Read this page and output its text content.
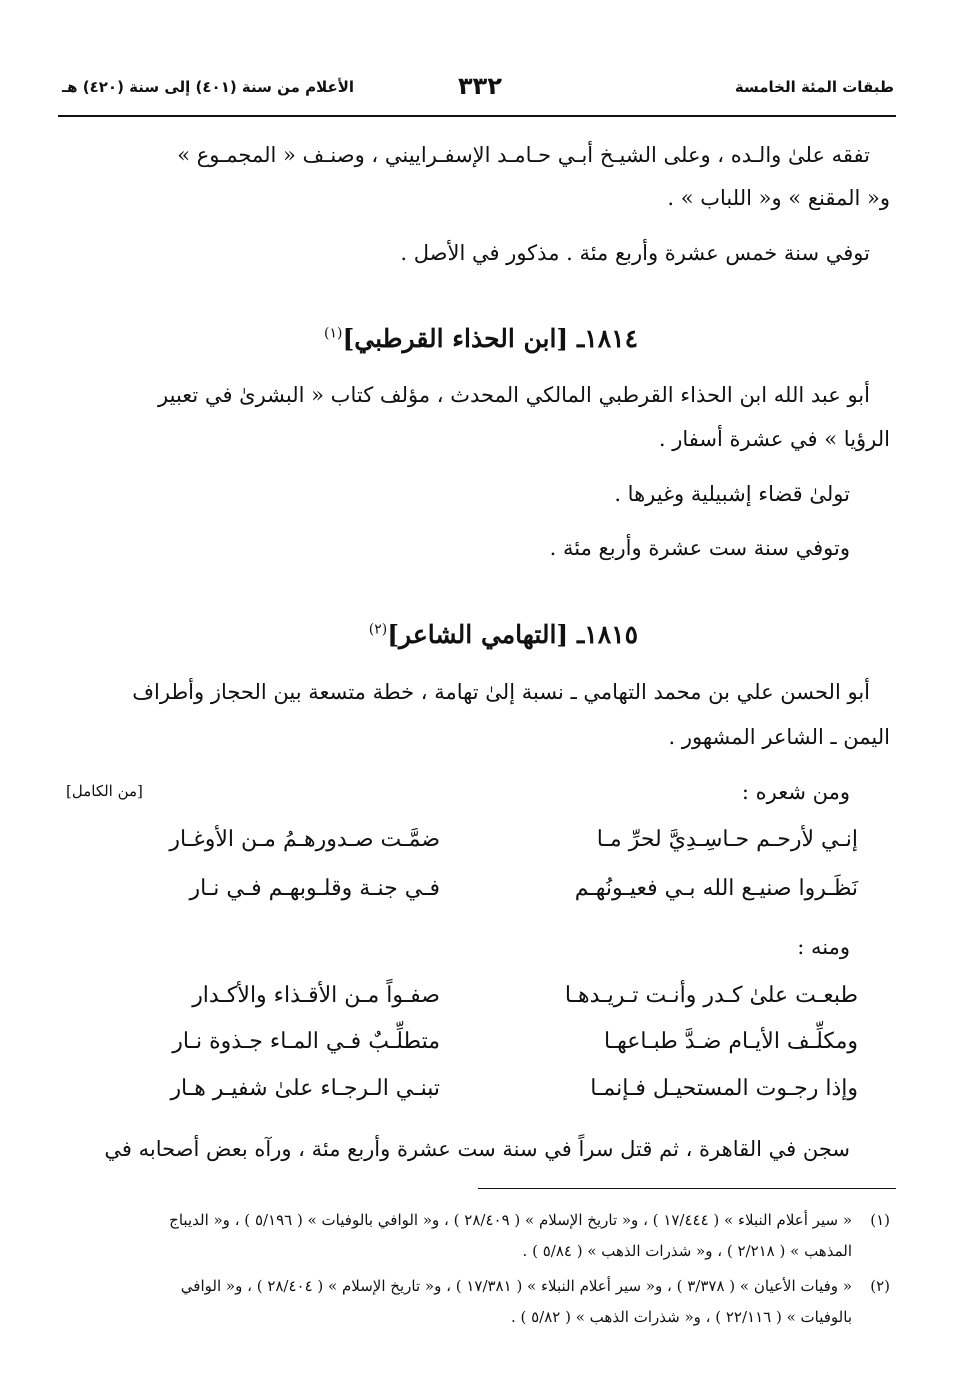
طبقات المئة الخامسة
٣٣٢
الأعلام من سنة (٤٠١) إلى سنة (٤٢٠) هـ
تفقه علىٰ والـده ، وعلى الشيـخ أبـي حـامـد الإسفـراييني ، وصنـف « المجمـوع »
و« المقنع » و« اللباب » .
توفي سنة خمس عشرة وأربع مئة . مذكور في الأصل .
١٨١٤ـ [ابن الحذاء القرطبي]$^{(١)}$
أبو عبد الله ابن الحذاء القرطبي المالكي المحدث ، مؤلف كتاب « البشرىٰ في تعبير
الرؤيا » في عشرة أسفار .
تولىٰ قضاء إشبيلية وغيرها .
وتوفي سنة ست عشرة وأربع مئة .
١٨١٥ـ [التهامي الشاعر]$^{(٢)}$
أبو الحسن علي بن محمد التهامي ـ نسبة إلىٰ تهامة ، خطة متسعة بين الحجاز وأطراف
اليمن ـ الشاعر المشهور .
ومن شعره :
[من الكامل]
إنـي لأرحـم حـاسِـدِيَّ لحرِّ مـا
ضمَّـت صـدورهـمُ مـن الأوغـار
نَظَـروا صنيـع الله بـي فعيـونُهـم
فـي جنـة وقلـوبهـم فـي نـار
ومنه :
طبعـت علىٰ كـدر وأنـت تـريـدهـا
صفـواً مـن الأقـذاء والأكـدار
ومكلِّـف الأيـام ضـدَّ طبـاعهـا
متطلِّـبٌ فـي المـاء جـذوة نـار
وإذا رجـوت المستحيـل فـإنمـا
تبنـي الـرجـاء علىٰ شفيـر هـار
سجن في القاهرة ، ثم قتل سراً في سنة ست عشرة وأربع مئة ، ورآه بعض أصحابه في
(١)
« سير أعلام النبلاء » ( ١٧/٤٤٤ ) ، و« تاريخ الإسلام » ( ٢٨/٤٠٩ ) ، و« الوافي بالوفيات » ( ٥/١٩٦ ) ، و« الديباج
المذهب » ( ٢/٢١٨ ) ، و« شذرات الذهب » ( ٥/٨٤ ) .
(٢)
« وفيات الأعيان » ( ٣/٣٧٨ ) ، و« سير أعلام النبلاء » ( ١٧/٣٨١ ) ، و« تاريخ الإسلام » ( ٢٨/٤٠٤ ) ، و« الوافي
بالوفيات » ( ٢٢/١١٦ ) ، و« شذرات الذهب » ( ٥/٨٢ ) .
